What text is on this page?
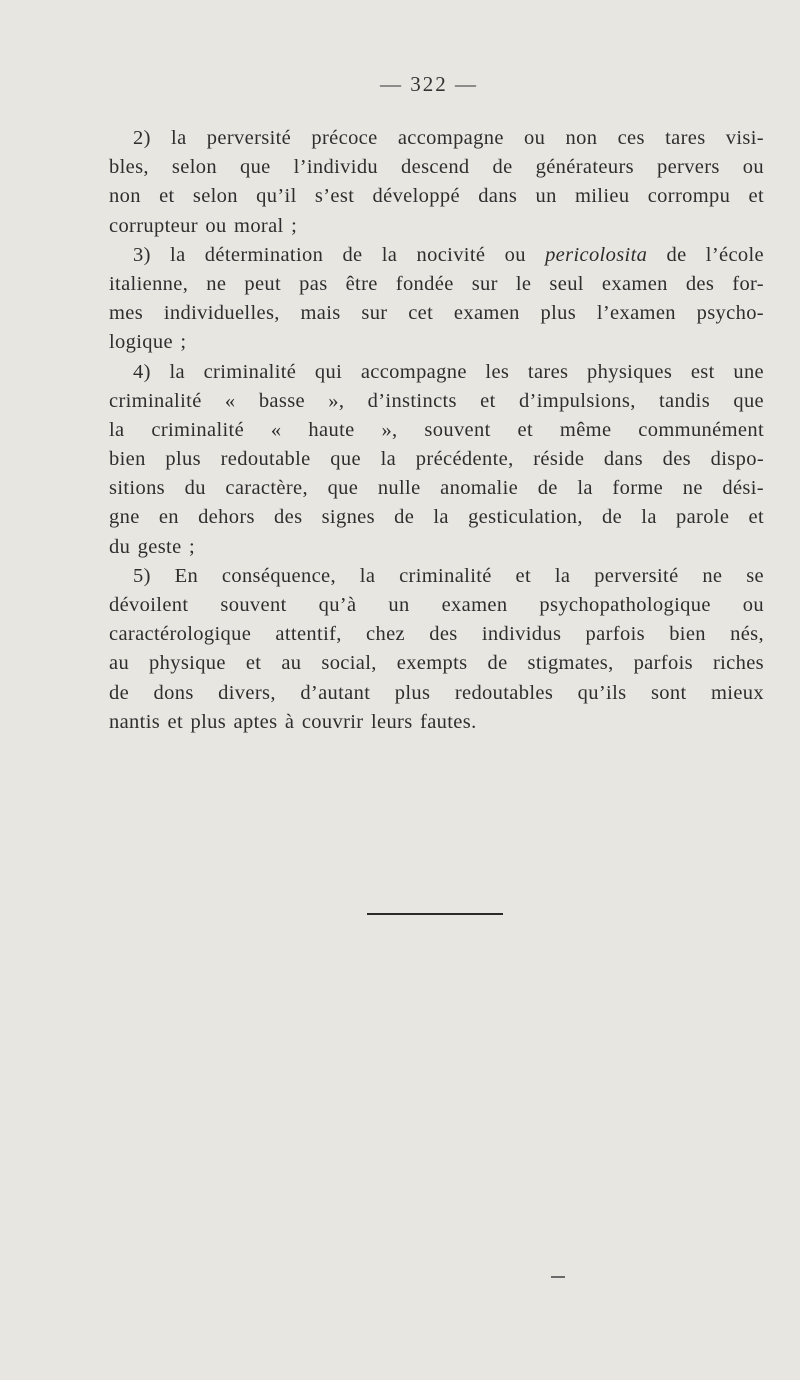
— 322 —
2) la perversité précoce accompagne ou non ces tares visi-
bles, selon que l’individu descend de générateurs pervers ou
non et selon qu’il s’est développé dans un milieu corrompu et
corrupteur ou moral ;
3) la détermination de la nocivité ou pericolosita de l’école
italienne, ne peut pas être fondée sur le seul examen des for-
mes individuelles, mais sur cet examen plus l’examen psycho-
logique ;
4) la criminalité qui accompagne les tares physiques est une
criminalité « basse », d’instincts et d’impulsions, tandis que
la criminalité « haute », souvent et même communément
bien plus redoutable que la précédente, réside dans des dispo-
sitions du caractère, que nulle anomalie de la forme ne dési-
gne en dehors des signes de la gesticulation, de la parole et
du geste ;
5) En conséquence, la criminalité et la perversité ne se
dévoilent souvent qu’à un examen psychopathologique ou
caractérologique attentif, chez des individus parfois bien nés,
au physique et au social, exempts de stigmates, parfois riches
de dons divers, d’autant plus redoutables qu’ils sont mieux
nantis et plus aptes à couvrir leurs fautes.
